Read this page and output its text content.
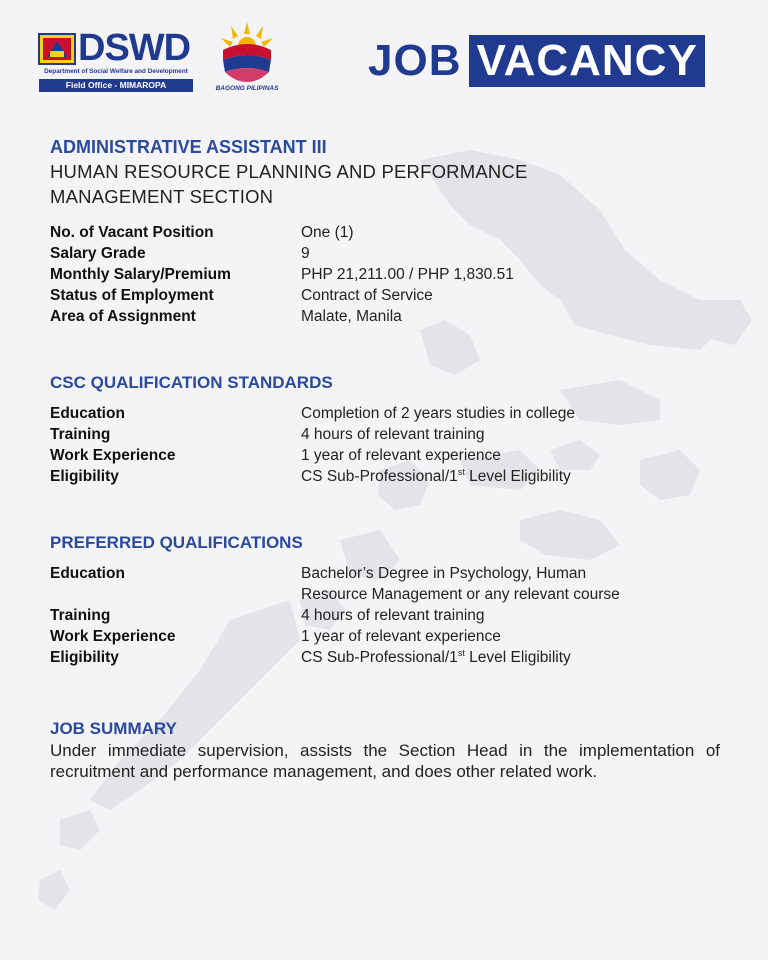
DSWD
Department of Social Welfare and Development
Field Office - MIMAROPA	BAGONG PILIPINAS
JOB VACANCY

ADMINISTRATIVE ASSISTANT III

HUMAN RESOURCE PLANNING AND PERFORMANCE

MANAGEMENT SECTION

No. of Vacant Position	One (1)
Salary Grade	9
Monthly Salary/Premium	PHP 21,211.00 / PHP 1,830.51
Status of Employment	Contract of Service
Area of Assignment	Malate, Manila

CSC QUALIFICATION STANDARDS

Education	Completion of 2 years studies in college
Training	4 hours of relevant training
Work Experience	1 year of relevant experience
Eligibility	CS Sub-Professional/1st Level Eligibility

PREFERRED QUALIFICATIONS

Education	Bachelor’s Degree in Psychology, Human
Resource Management or any relevant course
Training	4 hours of relevant training
Work Experience	1 year of relevant experience
Eligibility	CS Sub-Professional/1st Level Eligibility

JOB SUMMARY

Under immediate supervision, assists the Section Head in the implementation of recruitment and performance management, and does other related work.
